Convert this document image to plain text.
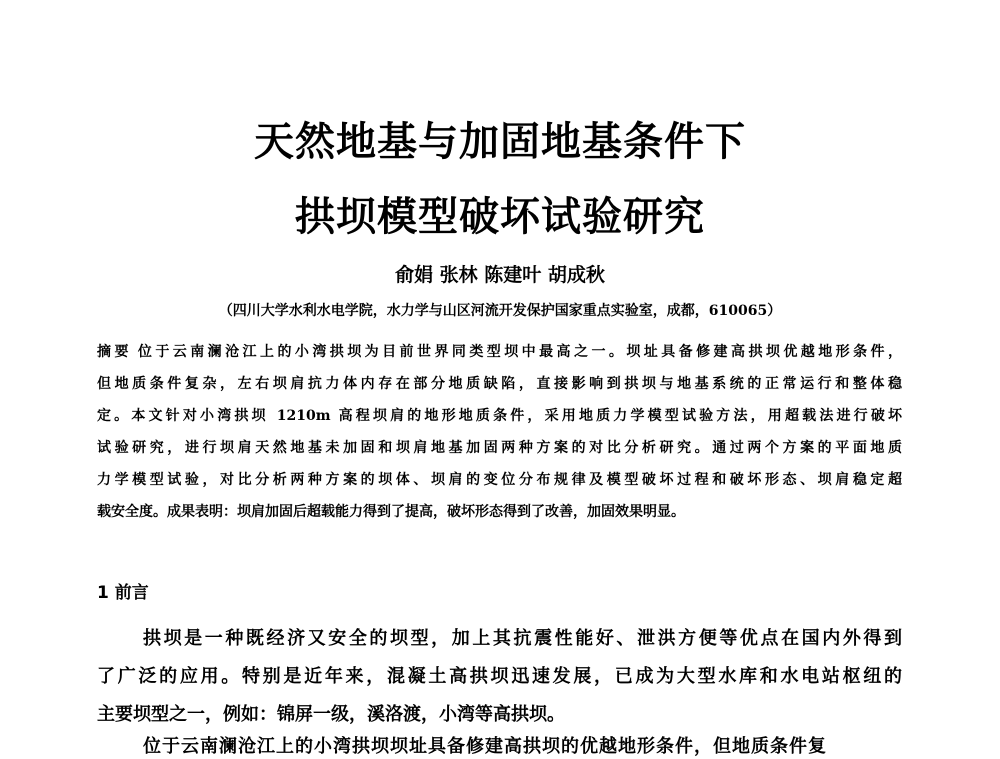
天然地基与加固地基条件下
拱坝模型破坏试验研究
俞娟 张林 陈建叶 胡成秋
（四川大学水利水电学院，水力学与山区河流开发保护国家重点实验室，成都，610065）
摘要 位于云南澜沧江上的小湾拱坝为目前世界同类型坝中最高之一。坝址具备修建高拱坝优越地形条件，
但地质条件复杂，左右坝肩抗力体内存在部分地质缺陷，直接影响到拱坝与地基系统的正常运行和整体稳
定。本文针对小湾拱坝 1210m 高程坝肩的地形地质条件，采用地质力学模型试验方法，用超载法进行破坏
试验研究，进行坝肩天然地基未加固和坝肩地基加固两种方案的对比分析研究。通过两个方案的平面地质
力学模型试验，对比分析两种方案的坝体、坝肩的变位分布规律及模型破坏过程和破坏形态、坝肩稳定超
载安全度。成果表明：坝肩加固后超载能力得到了提高，破坏形态得到了改善，加固效果明显。
1 前言
拱坝是一种既经济又安全的坝型，加上其抗震性能好、泄洪方便等优点在国内外得到
了广泛的应用。特别是近年来，混凝土高拱坝迅速发展，已成为大型水库和水电站枢纽的
主要坝型之一，例如：锦屏一级，溪洛渡，小湾等高拱坝。
位于云南澜沧江上的小湾拱坝坝址具备修建高拱坝的优越地形条件，但地质条件复
